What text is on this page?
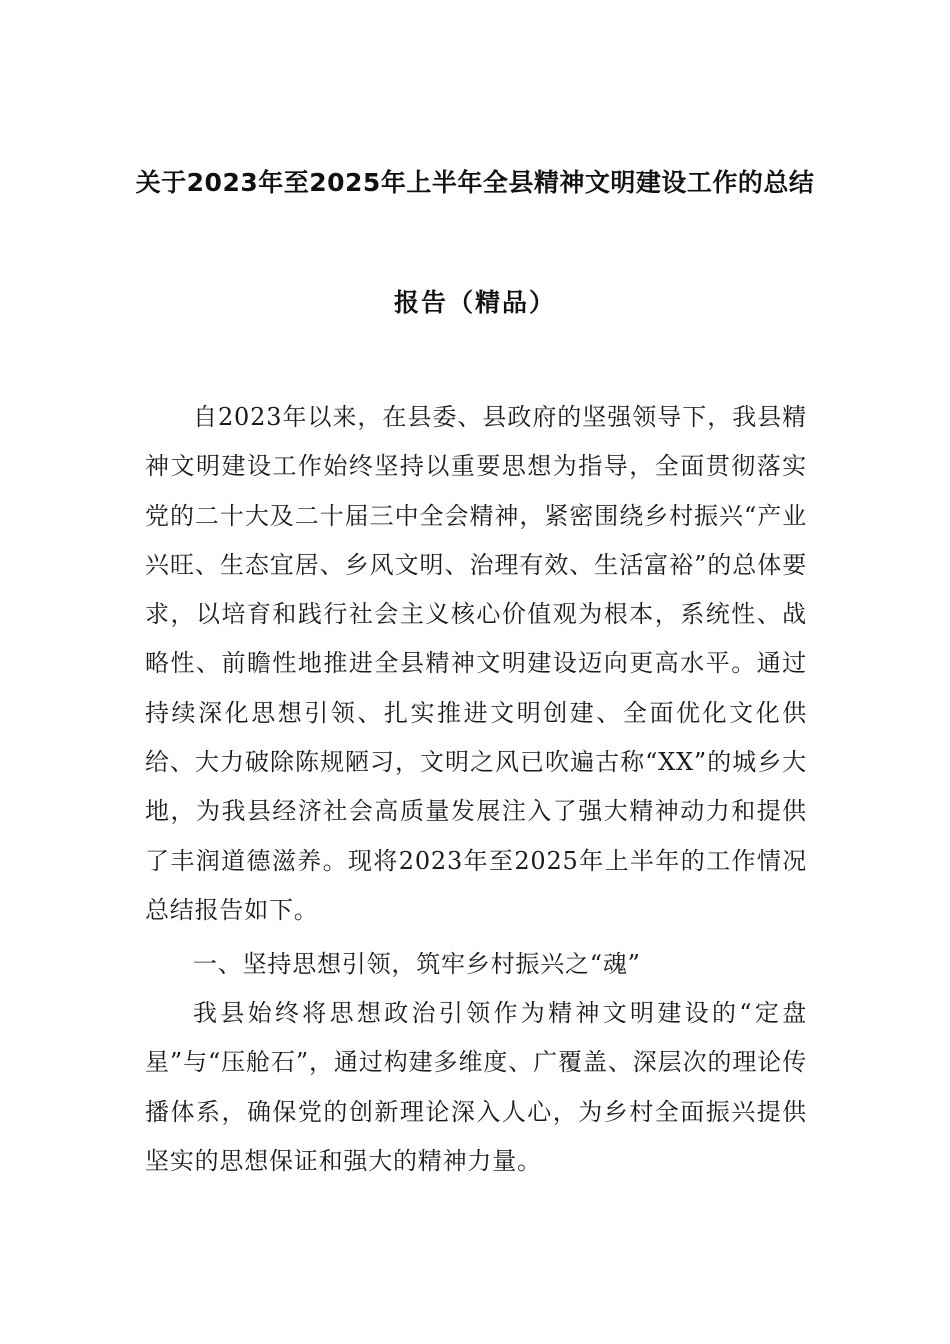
关于2023年至2025年上半年全县精神文明建设工作的总结
报告（精品）

自2023年以来，在县委、县政府的坚强领导下，我县精神文明建设工作始终坚持以重要思想为指导，全面贯彻落实党的二十大及二十届三中全会精神，紧密围绕乡村振兴“产业兴旺、生态宜居、乡风文明、治理有效、生活富裕”的总体要求，以培育和践行社会主义核心价值观为根本，系统性、战略性、前瞻性地推进全县精神文明建设迈向更高水平。通过持续深化思想引领、扎实推进文明创建、全面优化文化供给、大力破除陈规陋习，文明之风已吹遍古称“XX”的城乡大地，为我县经济社会高质量发展注入了强大精神动力和提供了丰润道德滋养。现将2023年至2025年上半年的工作情况总结报告如下。

一、坚持思想引领，筑牢乡村振兴之“魂”

我县始终将思想政治引领作为精神文明建设的“定盘星”与“压舱石”，通过构建多维度、广覆盖、深层次的理论传播体系，确保党的创新理论深入人心，为乡村全面振兴提供坚实的思想保证和强大的精神力量。
